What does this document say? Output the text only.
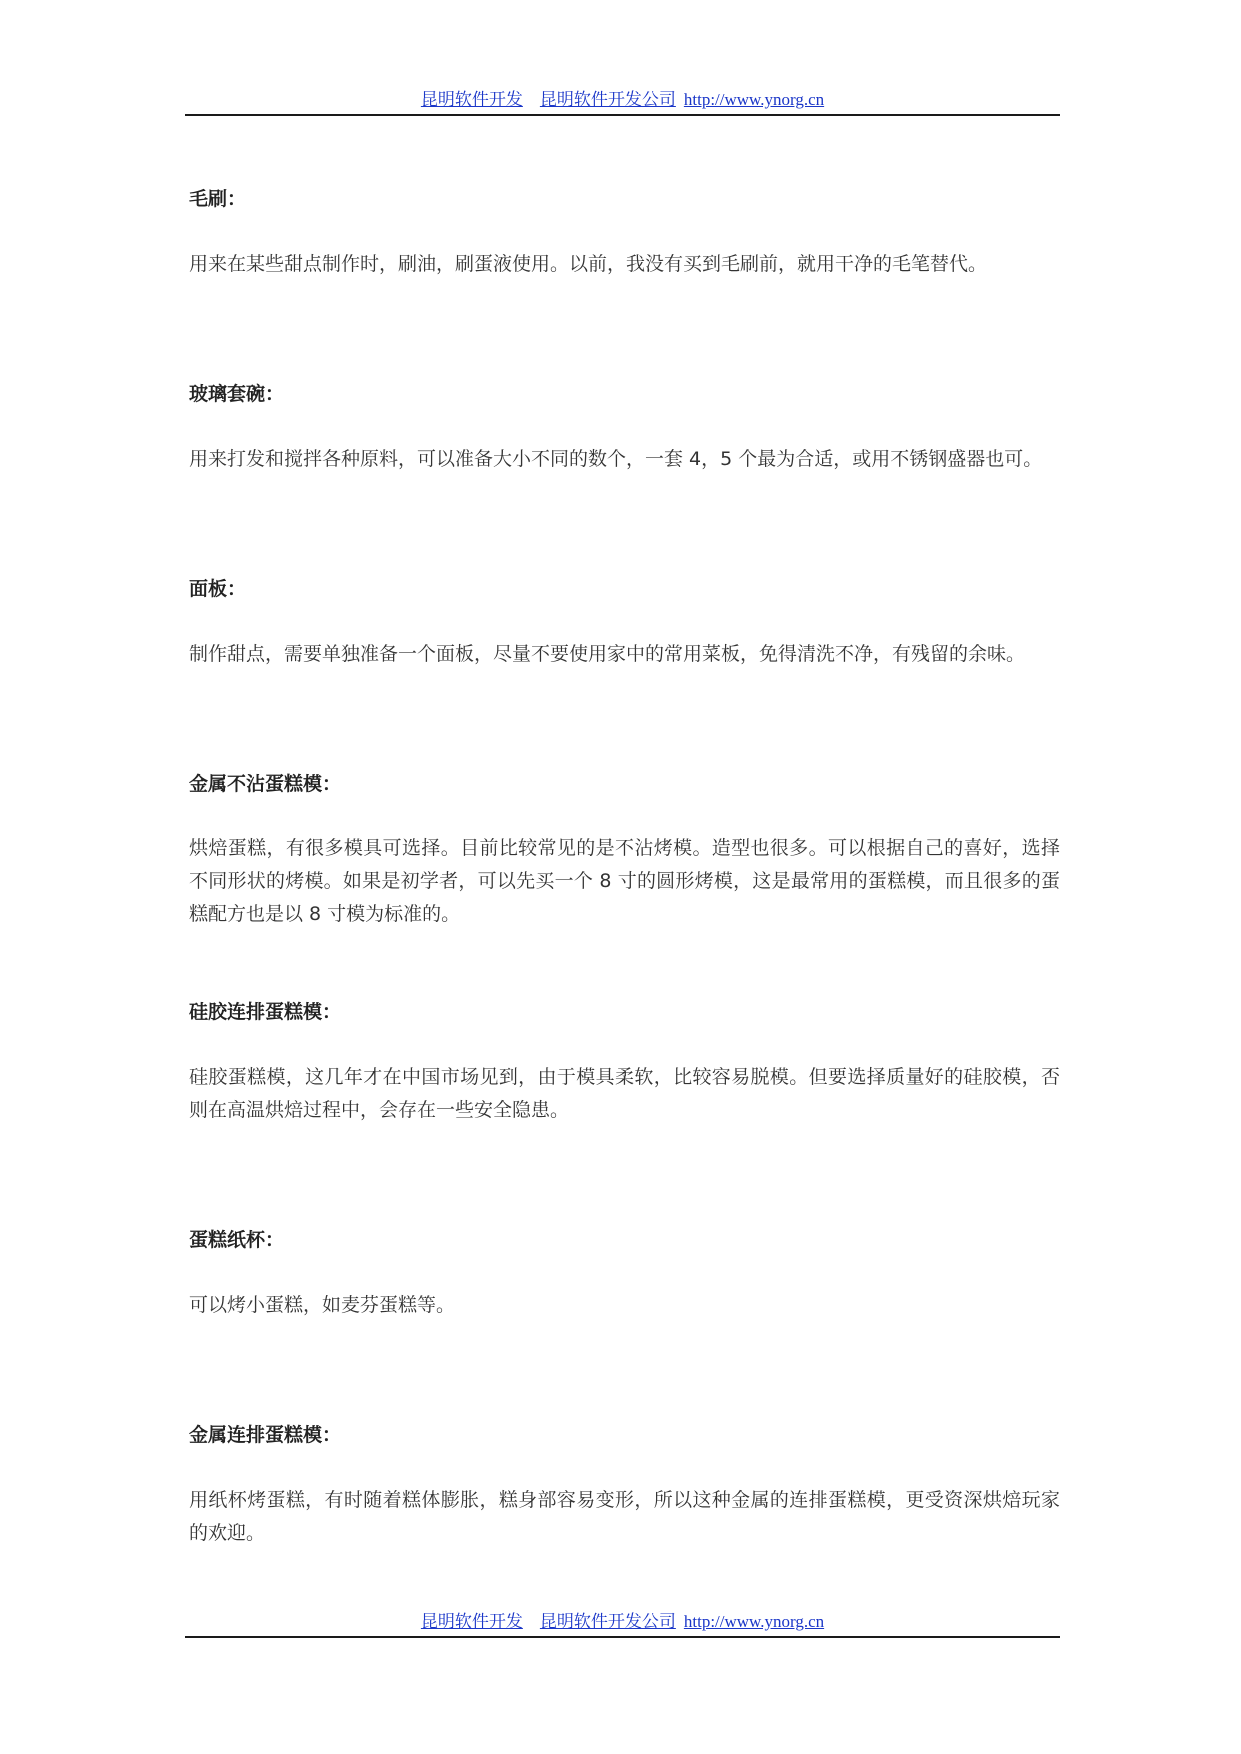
昆明软件开发 昆明软件开发公司 http://www.ynorg.cn
毛刷：
用来在某些甜点制作时，刷油，刷蛋液使用。以前，我没有买到毛刷前，就用干净的毛笔替代。
玻璃套碗：
用来打发和搅拌各种原料，可以准备大小不同的数个，一套 4，5 个最为合适，或用不锈钢盛器也可。
面板：
制作甜点，需要单独准备一个面板，尽量不要使用家中的常用菜板，免得清洗不净，有残留的余味。
金属不沾蛋糕模：
烘焙蛋糕，有很多模具可选择。目前比较常见的是不沾烤模。造型也很多。可以根据自己的喜好，选择不同形状的烤模。如果是初学者，可以先买一个 8 寸的圆形烤模，这是最常用的蛋糕模，而且很多的蛋糕配方也是以 8 寸模为标准的。
硅胶连排蛋糕模：
硅胶蛋糕模，这几年才在中国市场见到，由于模具柔软，比较容易脱模。但要选择质量好的硅胶模，否则在高温烘焙过程中，会存在一些安全隐患。
蛋糕纸杯：
可以烤小蛋糕，如麦芬蛋糕等。
金属连排蛋糕模：
用纸杯烤蛋糕，有时随着糕体膨胀，糕身部容易变形，所以这种金属的连排蛋糕模，更受资深烘焙玩家的欢迎。
昆明软件开发 昆明软件开发公司 http://www.ynorg.cn
